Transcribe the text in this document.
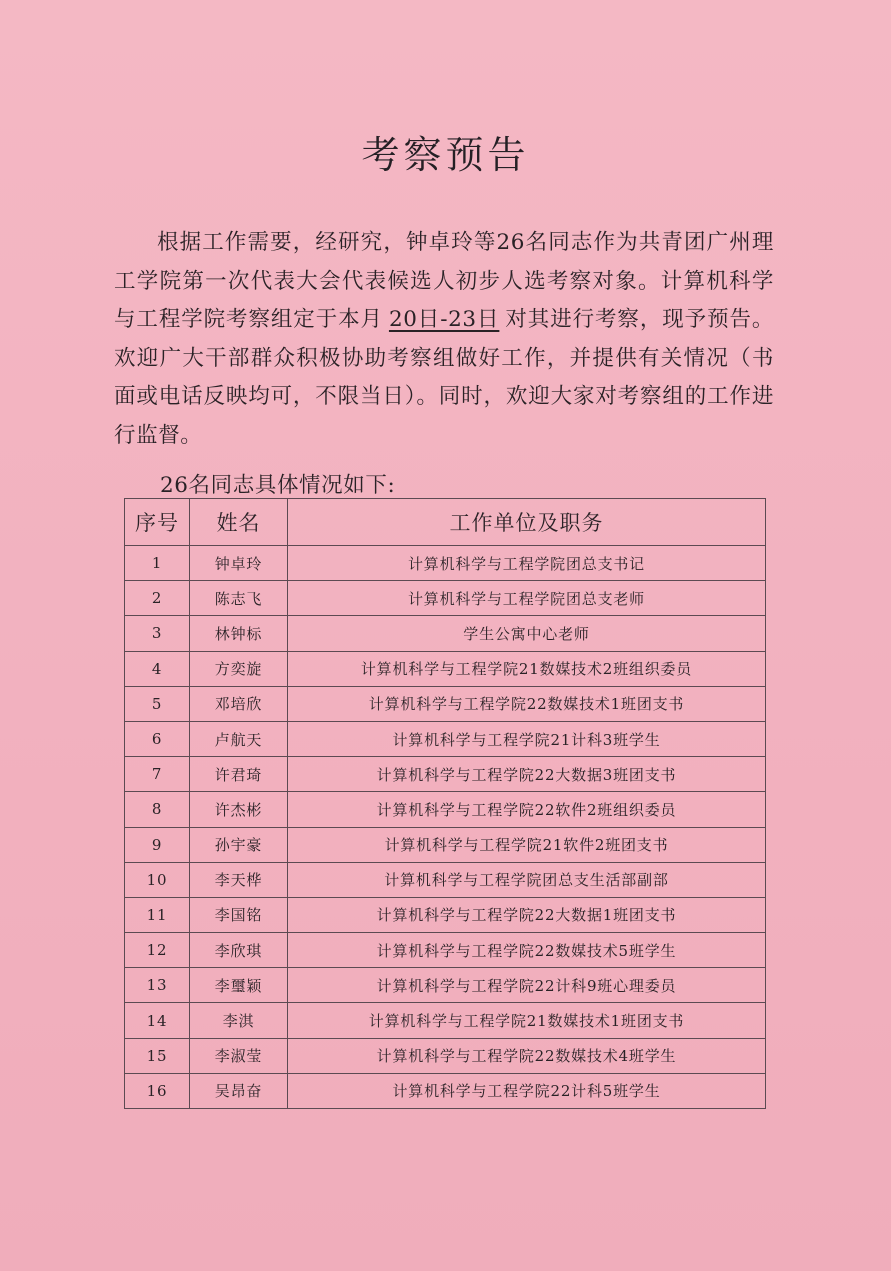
考察预告

根据工作需要，经研究，钟卓玲等26名同志作为共青团广州理工学院第一次代表大会代表候选人初步人选考察对象。计算机科学与工程学院考察组定于本月 20日-23日 对其进行考察，现予预告。欢迎广大干部群众积极协助考察组做好工作，并提供有关情况（书面或电话反映均可，不限当日）。同时，欢迎大家对考察组的工作进行监督。

26名同志具体情况如下:
序号	姓名	工作单位及职务
1	钟卓玲	计算机科学与工程学院团总支书记
2	陈志飞	计算机科学与工程学院团总支老师
3	林钟标	学生公寓中心老师
4	方奕旋	计算机科学与工程学院21数媒技术2班组织委员
5	邓培欣	计算机科学与工程学院22数媒技术1班团支书
6	卢航天	计算机科学与工程学院21计科3班学生
7	许君琦	计算机科学与工程学院22大数据3班团支书
8	许杰彬	计算机科学与工程学院22软件2班组织委员
9	孙宇豪	计算机科学与工程学院21软件2班团支书
10	李天桦	计算机科学与工程学院团总支生活部副部
11	李国铭	计算机科学与工程学院22大数据1班团支书
12	李欣琪	计算机科学与工程学院22数媒技术5班学生
13	李璽颖	计算机科学与工程学院22计科9班心理委员
14	李淇	计算机科学与工程学院21数媒技术1班团支书
15	李淑莹	计算机科学与工程学院22数媒技术4班学生
16	吴昂奋	计算机科学与工程学院22计科5班学生
